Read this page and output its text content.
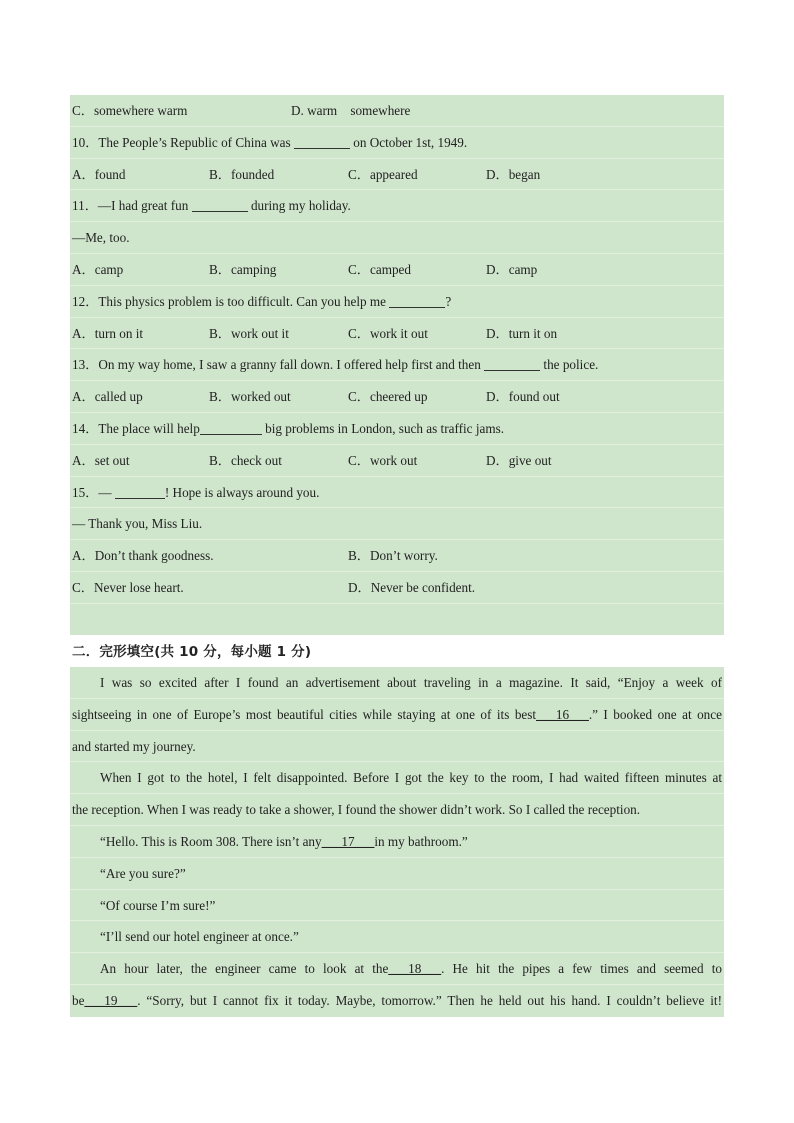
C．somewhere warm	D. warm　somewhere
10．The People’s Republic of China was	on October 1st, 1949.
A．found	B．founded	C．appeared	D．began
11．—I had great fun	during my holiday.
—Me, too.
A．camp	B．camping	C．camped	D．camp
12．This physics problem is too difficult. Can you help me	?
A．turn on it	B．work out it	C．work it out	D．turn it on
13．On my way home, I saw a granny fall down. I offered help first and then	the police.
A．called up	B．worked out	C．cheered up	D．found out
14．The place will help	big problems in London, such as traffic jams.
A．set out	B．check out	C．work out	D．give out
15．—	! Hope is always around you.
— Thank you, Miss Liu.
A．Don’t thank goodness.	B．Don’t worry.
C．Never lose heart.	D．Never be confident.
二．完形填空(共 10 分，每小题 1 分)
I was so excited after I found an advertisement about traveling in a magazine. It said, “Enjoy a week of
sightseeing in one of Europe’s most beautiful cities while staying at one of its best___16___.” I booked one at once
and started my journey.
When I got to the hotel, I felt disappointed. Before I got the key to the room, I had waited fifteen minutes at
the reception. When I was ready to take a shower, I found the shower didn’t work. So I called the reception.
“Hello. This is Room 308. There isn’t any___17___in my bathroom.”
“Are you sure?”
“Of course I’m sure!”
“I’ll send our hotel engineer at once.”
An hour later, the engineer came to look at the___18___. He hit the pipes a few times and seemed to
be___19___. “Sorry, but I cannot fix it today. Maybe, tomorrow.” Then he held out his hand. I couldn’t believe it!
